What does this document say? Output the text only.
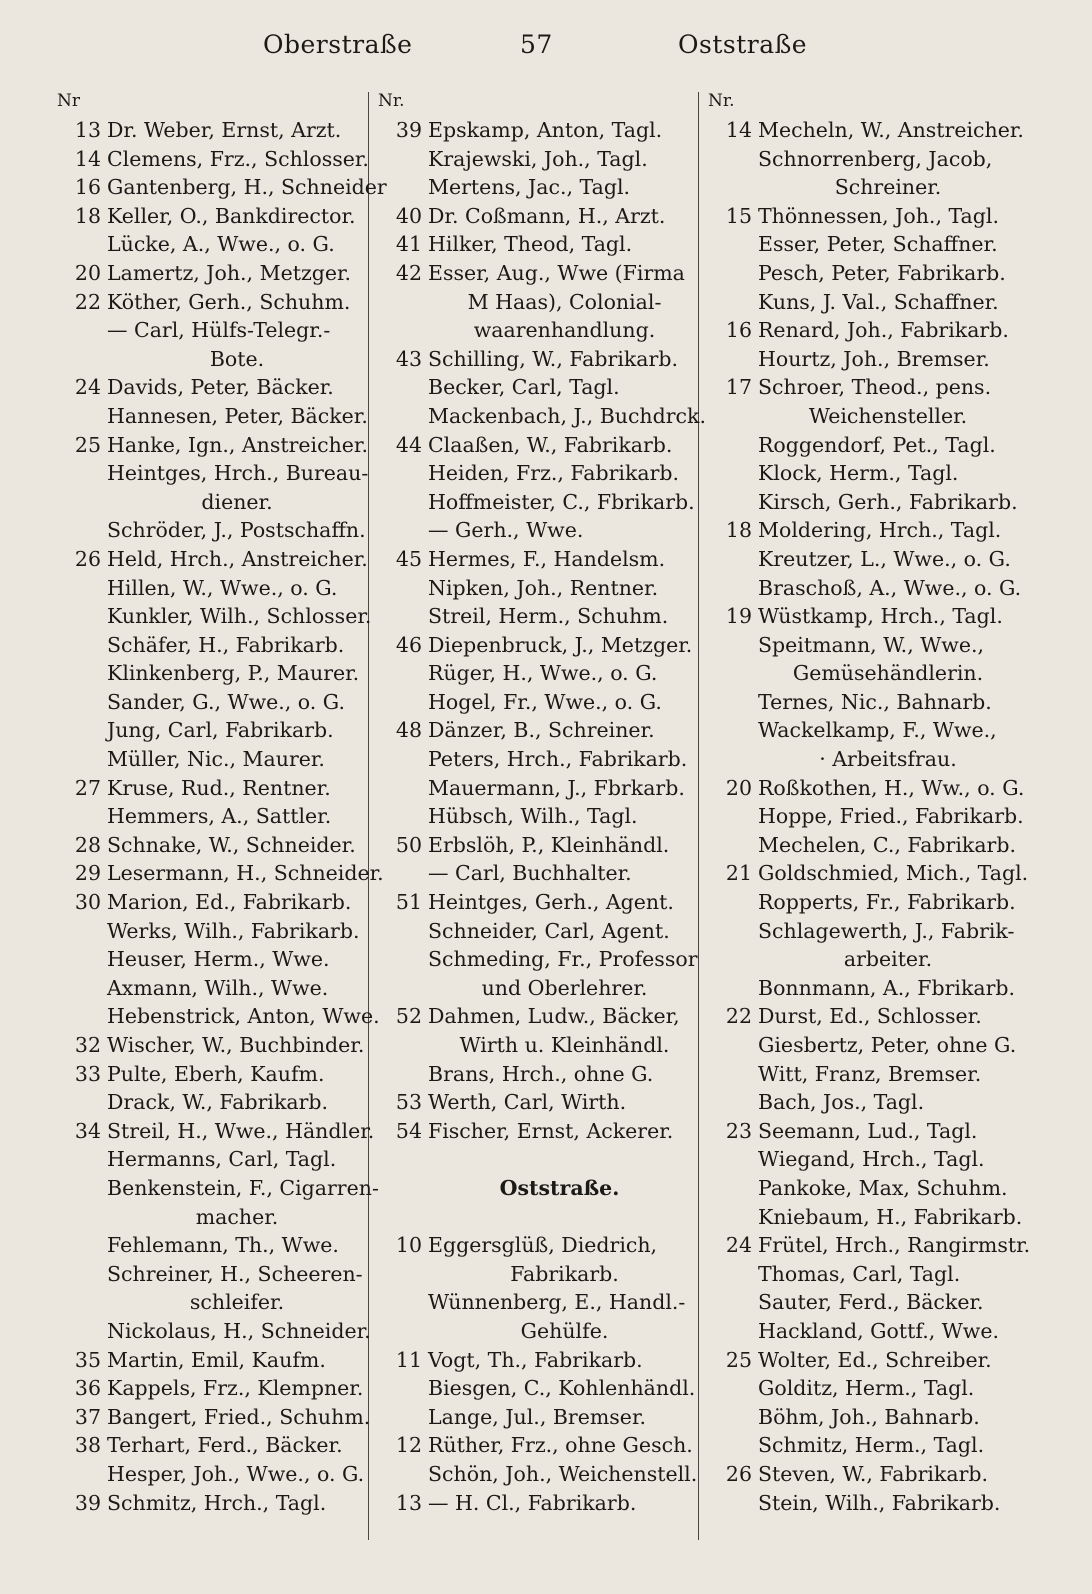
Oberstraße	57	Oststraße
Nr
13 Dr. Weber, Ernst, Arzt.
14 Clemens, Frz., Schlosser.
16 Gantenberg, H., Schneider
18 Keller, O., Bankdirector.
Lücke, A., Wwe., o. G.
20 Lamertz, Joh., Metzger.
22 Köther, Gerh., Schuhm.
— Carl, Hülfs-Telegr.-
Bote.
24 Davids, Peter, Bäcker.
Hannesen, Peter, Bäcker.
25 Hanke, Ign., Anstreicher.
Heintges, Hrch., Bureau-
diener.
Schröder, J., Postschaffn.
26 Held, Hrch., Anstreicher.
Hillen, W., Wwe., o. G.
Kunkler, Wilh., Schlosser.
Schäfer, H., Fabrikarb.
Klinkenberg, P., Maurer.
Sander, G., Wwe., o. G.
Jung, Carl, Fabrikarb.
Müller, Nic., Maurer.
27 Kruse, Rud., Rentner.
Hemmers, A., Sattler.
28 Schnake, W., Schneider.
29 Lesermann, H., Schneider.
30 Marion, Ed., Fabrikarb.
Werks, Wilh., Fabrikarb.
Heuser, Herm., Wwe.
Axmann, Wilh., Wwe.
Hebenstrick, Anton, Wwe.
32 Wischer, W., Buchbinder.
33 Pulte, Eberh, Kaufm.
Drack, W., Fabrikarb.
34 Streil, H., Wwe., Händler.
Hermanns, Carl, Tagl.
Benkenstein, F., Cigarren-
macher.
Fehlemann, Th., Wwe.
Schreiner, H., Scheeren-
schleifer.
Nickolaus, H., Schneider.
35 Martin, Emil, Kaufm.
36 Kappels, Frz., Klempner.
37 Bangert, Fried., Schuhm.
38 Terhart, Ferd., Bäcker.
Hesper, Joh., Wwe., o. G.
39 Schmitz, Hrch., Tagl.
Nr.
39 Epskamp, Anton, Tagl.
Krajewski, Joh., Tagl.
Mertens, Jac., Tagl.
40 Dr. Coßmann, H., Arzt.
41 Hilker, Theod, Tagl.
42 Esser, Aug., Wwe (Firma
M Haas), Colonial-
waarenhandlung.
43 Schilling, W., Fabrikarb.
Becker, Carl, Tagl.
Mackenbach, J., Buchdrck.
44 Claaßen, W., Fabrikarb.
Heiden, Frz., Fabrikarb.
Hoffmeister, C., Fbrikarb.
— Gerh., Wwe.
45 Hermes, F., Handelsm.
Nipken, Joh., Rentner.
Streil, Herm., Schuhm.
46 Diepenbruck, J., Metzger.
Rüger, H., Wwe., o. G.
Hogel, Fr., Wwe., o. G.
48 Dänzer, B., Schreiner.
Peters, Hrch., Fabrikarb.
Mauermann, J., Fbrkarb.
Hübsch, Wilh., Tagl.
50 Erbslöh, P., Kleinhändl.
— Carl, Buchhalter.
51 Heintges, Gerh., Agent.
Schneider, Carl, Agent.
Schmeding, Fr., Professor
und Oberlehrer.
52 Dahmen, Ludw., Bäcker,
Wirth u. Kleinhändl.
Brans, Hrch., ohne G.
53 Werth, Carl, Wirth.
54 Fischer, Ernst, Ackerer.
Oststraße.
10 Eggersglüß, Diedrich,
Fabrikarb.
Wünnenberg, E., Handl.-
Gehülfe.
11 Vogt, Th., Fabrikarb.
Biesgen, C., Kohlenhändl.
Lange, Jul., Bremser.
12 Rüther, Frz., ohne Gesch.
Schön, Joh., Weichenstell.
13 — H. Cl., Fabrikarb.
Nr.
14 Mecheln, W., Anstreicher.
Schnorrenberg, Jacob,
Schreiner.
15 Thönnessen, Joh., Tagl.
Esser, Peter, Schaffner.
Pesch, Peter, Fabrikarb.
Kuns, J. Val., Schaffner.
16 Renard, Joh., Fabrikarb.
Hourtz, Joh., Bremser.
17 Schroer, Theod., pens.
Weichensteller.
Roggendorf, Pet., Tagl.
Klock, Herm., Tagl.
Kirsch, Gerh., Fabrikarb.
18 Moldering, Hrch., Tagl.
Kreutzer, L., Wwe., o. G.
Braschoß, A., Wwe., o. G.
19 Wüstkamp, Hrch., Tagl.
Speitmann, W., Wwe.,
Gemüsehändlerin.
Ternes, Nic., Bahnarb.
Wackelkamp, F., Wwe.,
· Arbeitsfrau.
20 Roßkothen, H., Ww., o. G.
Hoppe, Fried., Fabrikarb.
Mechelen, C., Fabrikarb.
21 Goldschmied, Mich., Tagl.
Ropperts, Fr., Fabrikarb.
Schlagewerth, J., Fabrik-
arbeiter.
Bonnmann, A., Fbrikarb.
22 Durst, Ed., Schlosser.
Giesbertz, Peter, ohne G.
Witt, Franz, Bremser.
Bach, Jos., Tagl.
23 Seemann, Lud., Tagl.
Wiegand, Hrch., Tagl.
Pankoke, Max, Schuhm.
Kniebaum, H., Fabrikarb.
24 Frütel, Hrch., Rangirmstr.
Thomas, Carl, Tagl.
Sauter, Ferd., Bäcker.
Hackland, Gottf., Wwe.
25 Wolter, Ed., Schreiber.
Golditz, Herm., Tagl.
Böhm, Joh., Bahnarb.
Schmitz, Herm., Tagl.
26 Steven, W., Fabrikarb.
Stein, Wilh., Fabrikarb.
